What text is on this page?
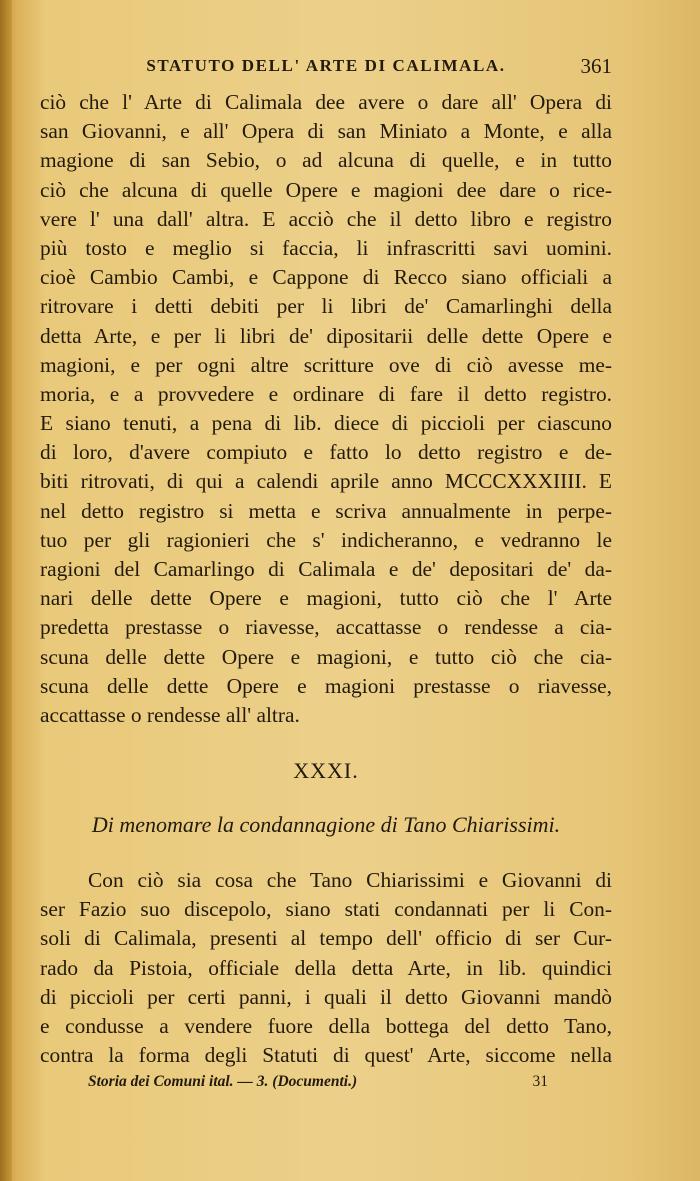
STATUTO DELL' ARTE DI CALIMALA.	361
ciò che l' Arte di Calimala dee avere o dare all' Opera di
san Giovanni, e all' Opera di san Miniato a Monte, e alla
magione di san Sebio, o ad alcuna di quelle, e in tutto
ciò che alcuna di quelle Opere e magioni dee dare o rice-
vere l' una dall' altra. E acciò che il detto libro e registro
più tosto e meglio si faccia, li infrascritti savi uomini.
cioè Cambio Cambi, e Cappone di Recco siano officiali a
ritrovare i detti debiti per li libri de' Camarlinghi della
detta Arte, e per li libri de' dipositarii delle dette Opere e
magioni, e per ogni altre scritture ove di ciò avesse me-
moria, e a provvedere e ordinare di fare il detto registro.
E siano tenuti, a pena di lib. diece di piccioli per ciascuno
di loro, d'avere compiuto e fatto lo detto registro e de-
biti ritrovati, di qui a calendi aprile anno MCCCXXXIIII. E
nel detto registro si metta e scriva annualmente in perpe-
tuo per gli ragionieri che s' indicheranno, e vedranno le
ragioni del Camarlingo di Calimala e de' depositari de' da-
nari delle dette Opere e magioni, tutto ciò che l' Arte
predetta prestasse o riavesse, accattasse o rendesse a cia-
scuna delle dette Opere e magioni, e tutto ciò che cia-
scuna delle dette Opere e magioni prestasse o riavesse,
accattasse o rendesse all' altra.
XXXI.
Di menomare la condannagione di Tano Chiarissimi.
Con ciò sia cosa che Tano Chiarissimi e Giovanni di
ser Fazio suo discepolo, siano stati condannati per li Con-
soli di Calimala, presenti al tempo dell' officio di ser Cur-
rado da Pistoia, officiale della detta Arte, in lib. quindici
di piccioli per certi panni, i quali il detto Giovanni mandò
e condusse a vendere fuore della bottega del detto Tano,
contra la forma degli Statuti di quest' Arte, siccome nella
Storia dei Comuni ital. — 3. (Documenti.)	31
